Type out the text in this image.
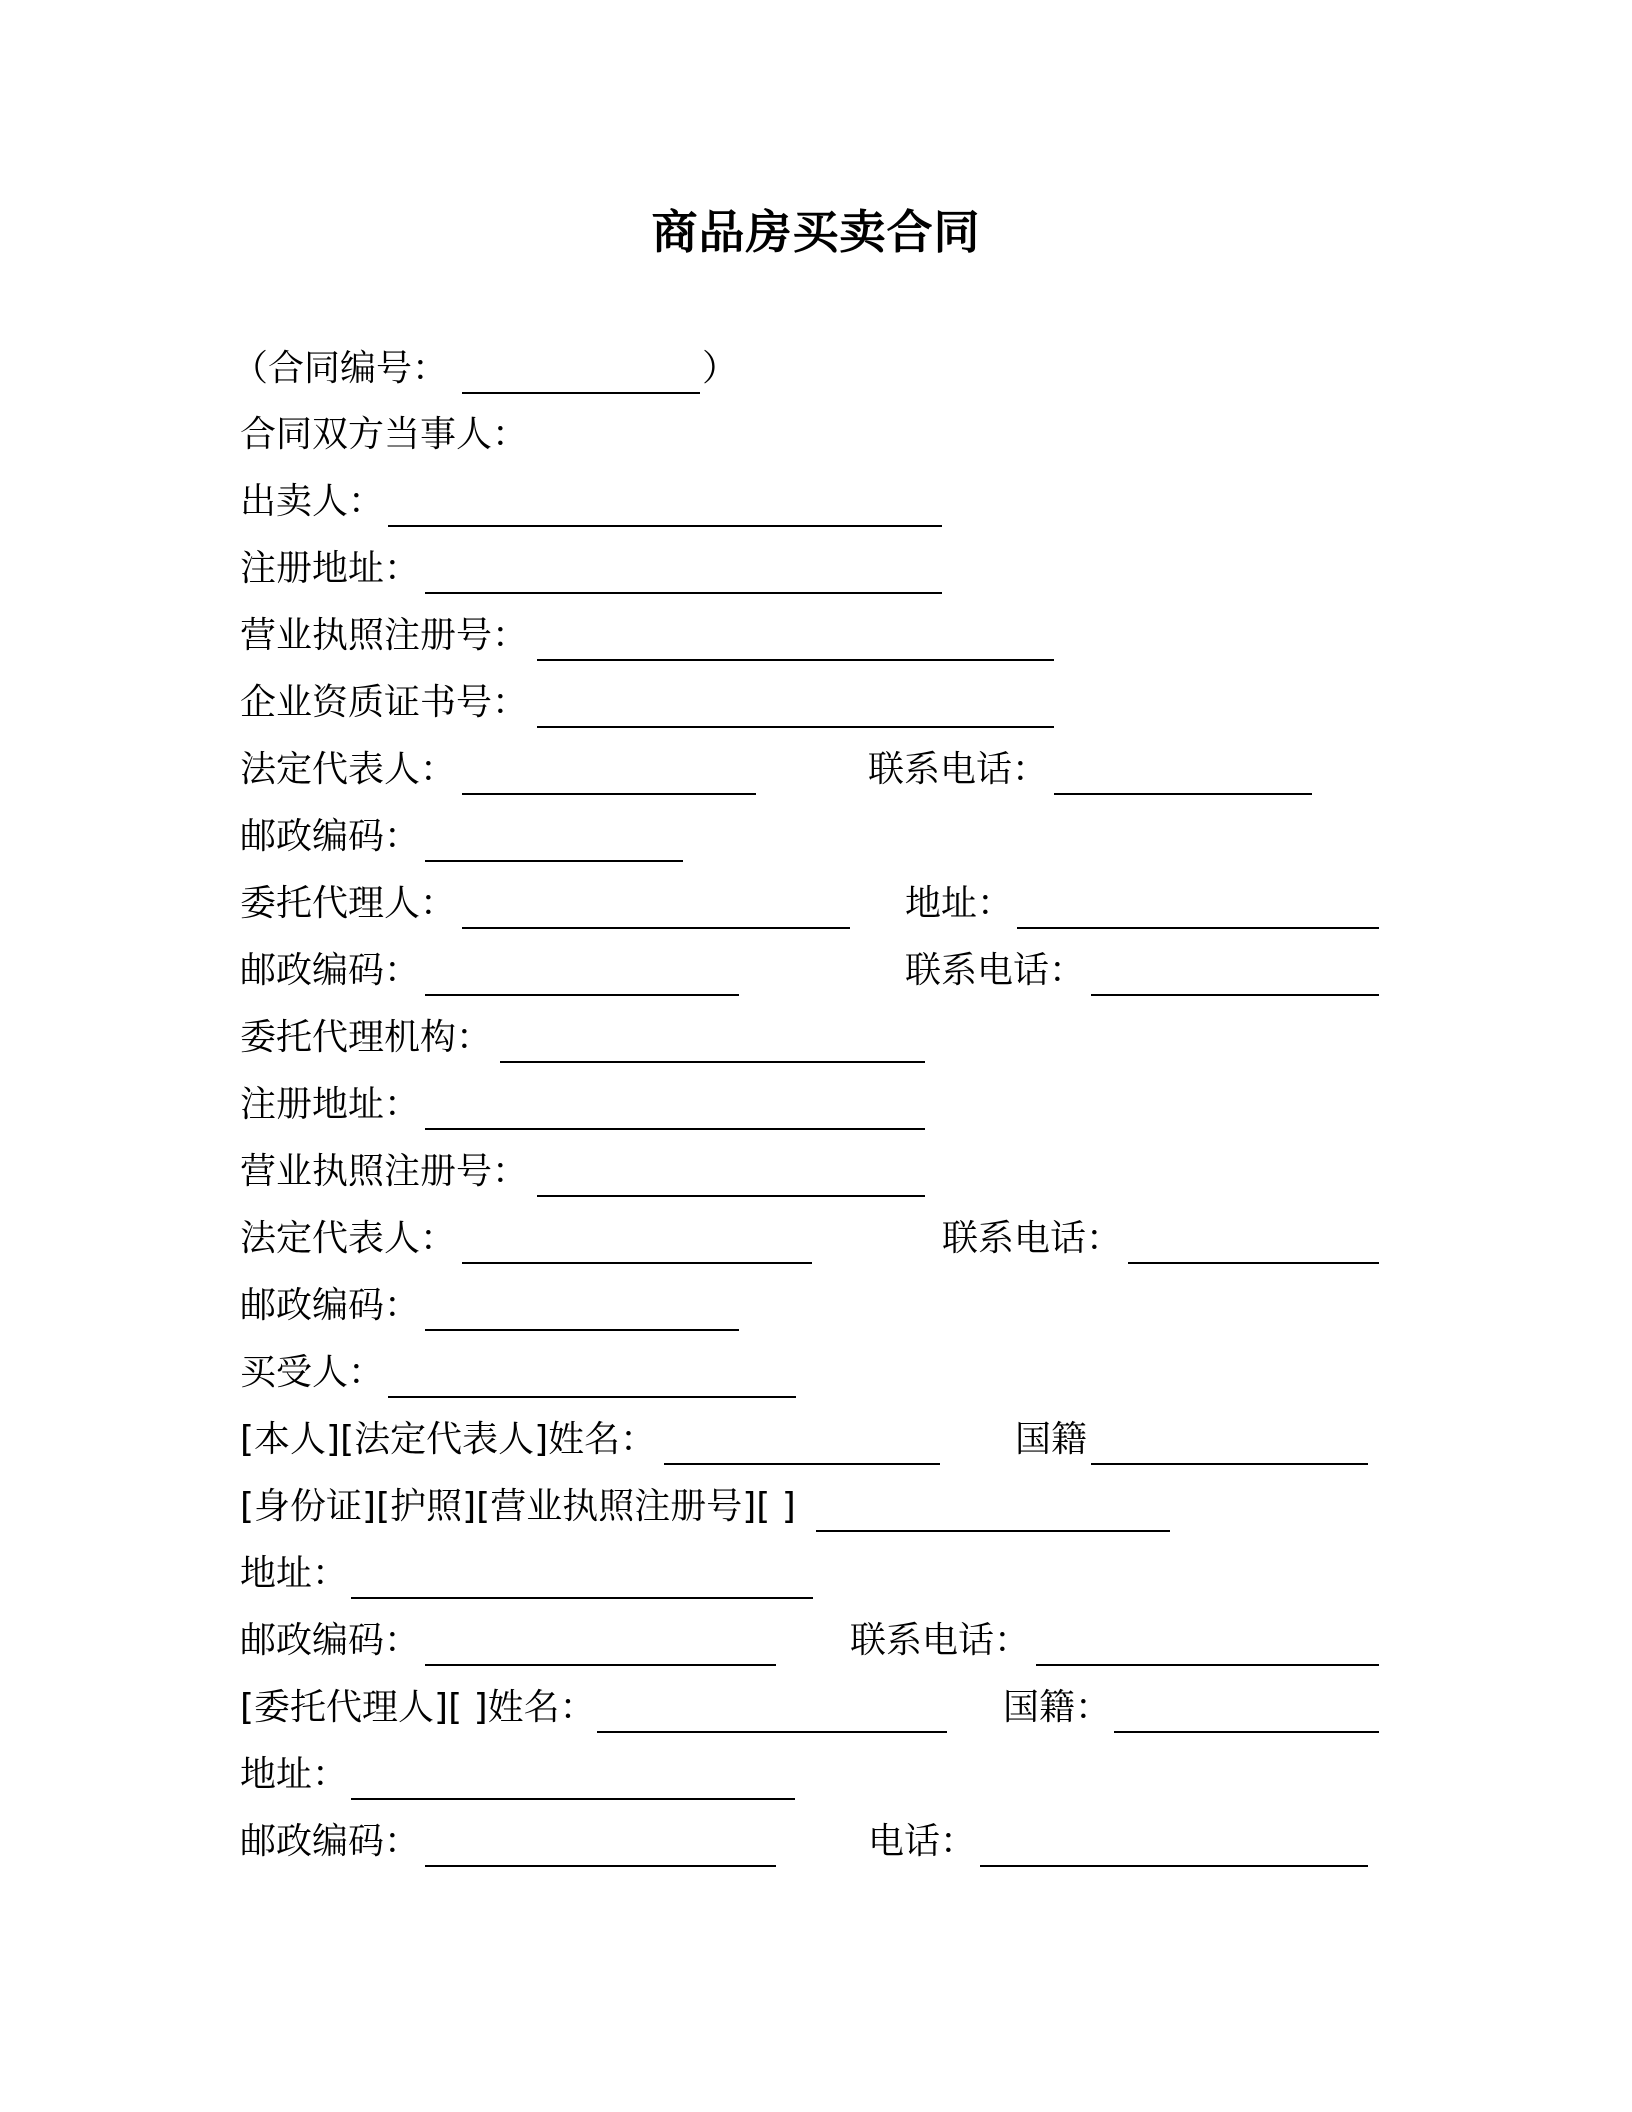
商品房买卖合同
（合同编号：	）
合同双方当事人：
出卖人：
注册地址：
营业执照注册号：
企业资质证书号：
法定代表人：	联系电话：
邮政编码：
委托代理人：	地址：
邮政编码：	联系电话：
委托代理机构：
注册地址：
营业执照注册号：
法定代表人：	联系电话：
邮政编码：
买受人：
[本人][法定代表人]姓名：	国籍
[身份证][护照][营业执照注册号][ ]
地址：
邮政编码：	联系电话：
[委托代理人][ ]姓名：	国籍：
地址：
邮政编码：	电话：
